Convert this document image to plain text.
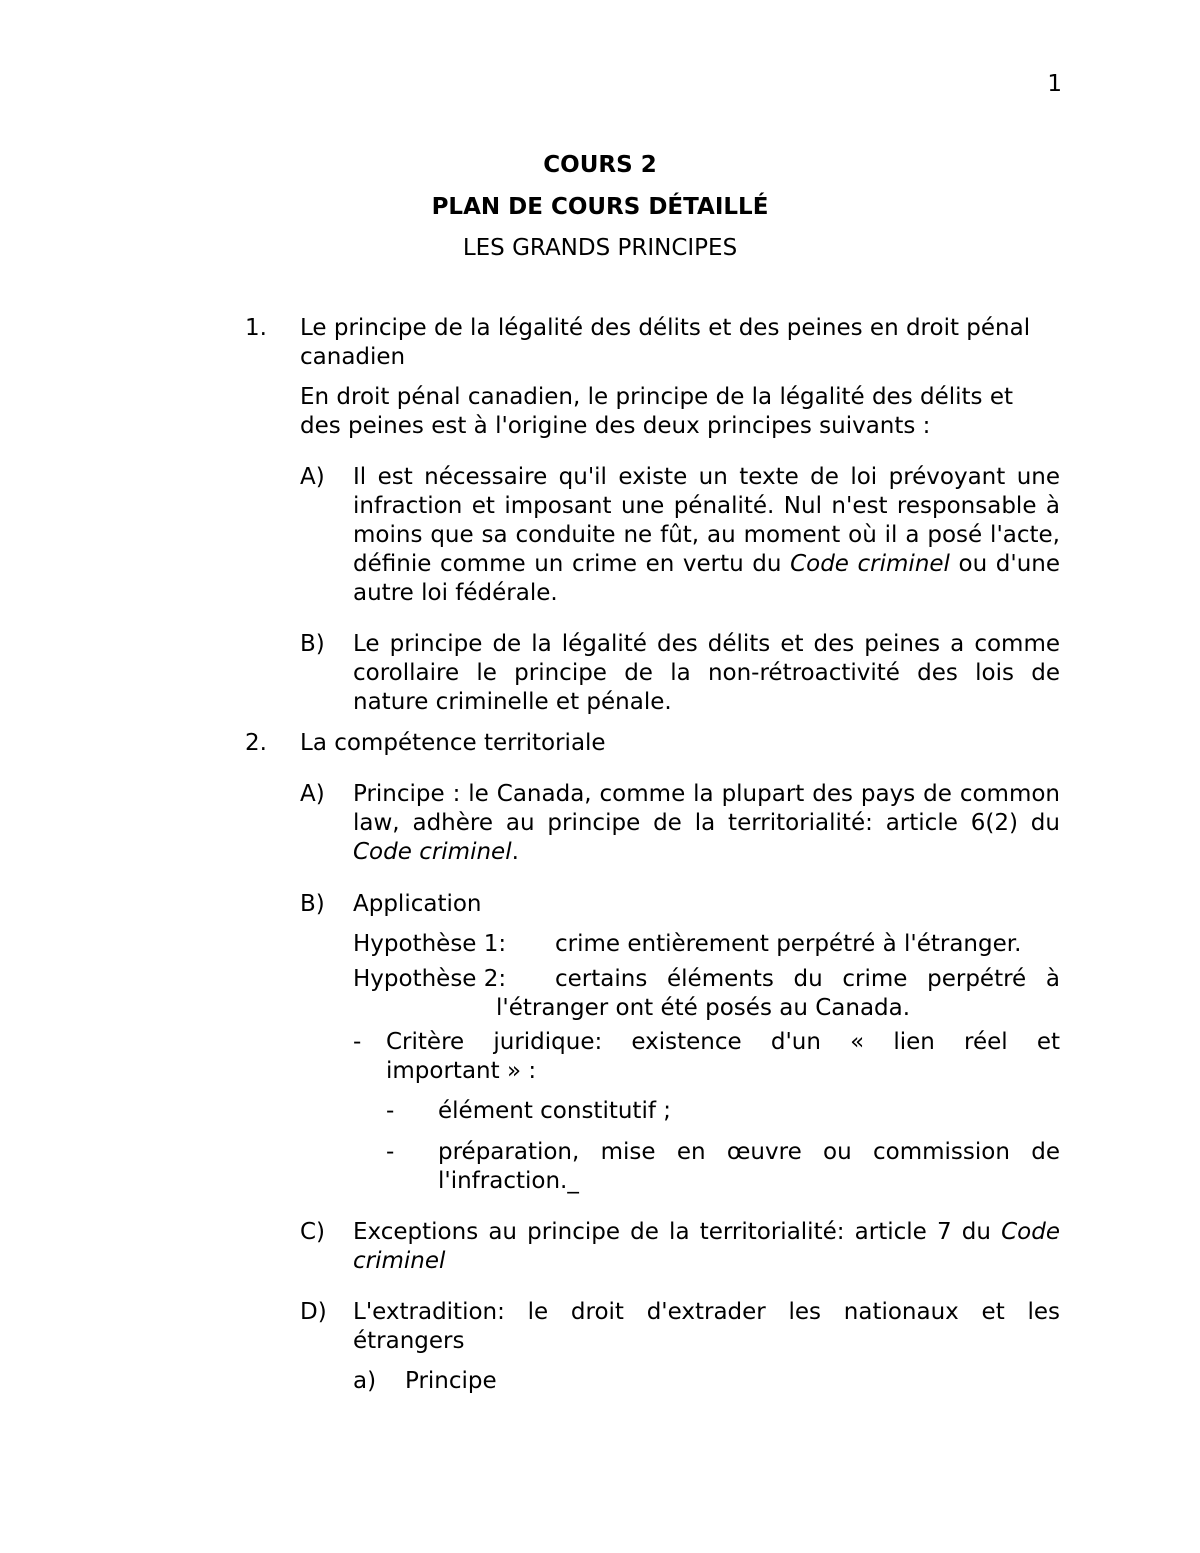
1
COURS 2
PLAN DE COURS DÉTAILLÉ
LES GRANDS PRINCIPES
1. Le principe de la légalité des délits et des peines en droit pénal
canadien
En droit pénal canadien, le principe de la légalité des délits et
des peines est à l'origine des deux principes suivants :
A) Il est nécessaire qu'il existe un texte de loi prévoyant une infraction et imposant une pénalité. Nul n'est responsable à moins que sa conduite ne fût, au moment où il a posé l'acte, définie comme un crime en vertu du Code criminel ou d'une autre loi fédérale.
B) Le principe de la légalité des délits et des peines a comme corollaire le principe de la non-rétroactivité des lois de nature criminelle et pénale.
2. La compétence territoriale
A) Principe : le Canada, comme la plupart des pays de common law, adhère au principe de la territorialité: article 6(2) du Code criminel.
B) Application
Hypothèse 1: crime entièrement perpétré à l'étranger.
Hypothèse 2: certains éléments du crime perpétré à
l'étranger ont été posés au Canada.
- Critère juridique: existence d'un « lien réel et
important » :
- élément constitutif ;
- préparation, mise en œuvre ou commission de
l'infraction._
C) Exceptions au principe de la territorialité: article 7 du Code
criminel
D) L'extradition: le droit d'extrader les nationaux et les
étrangers
a) Principe
